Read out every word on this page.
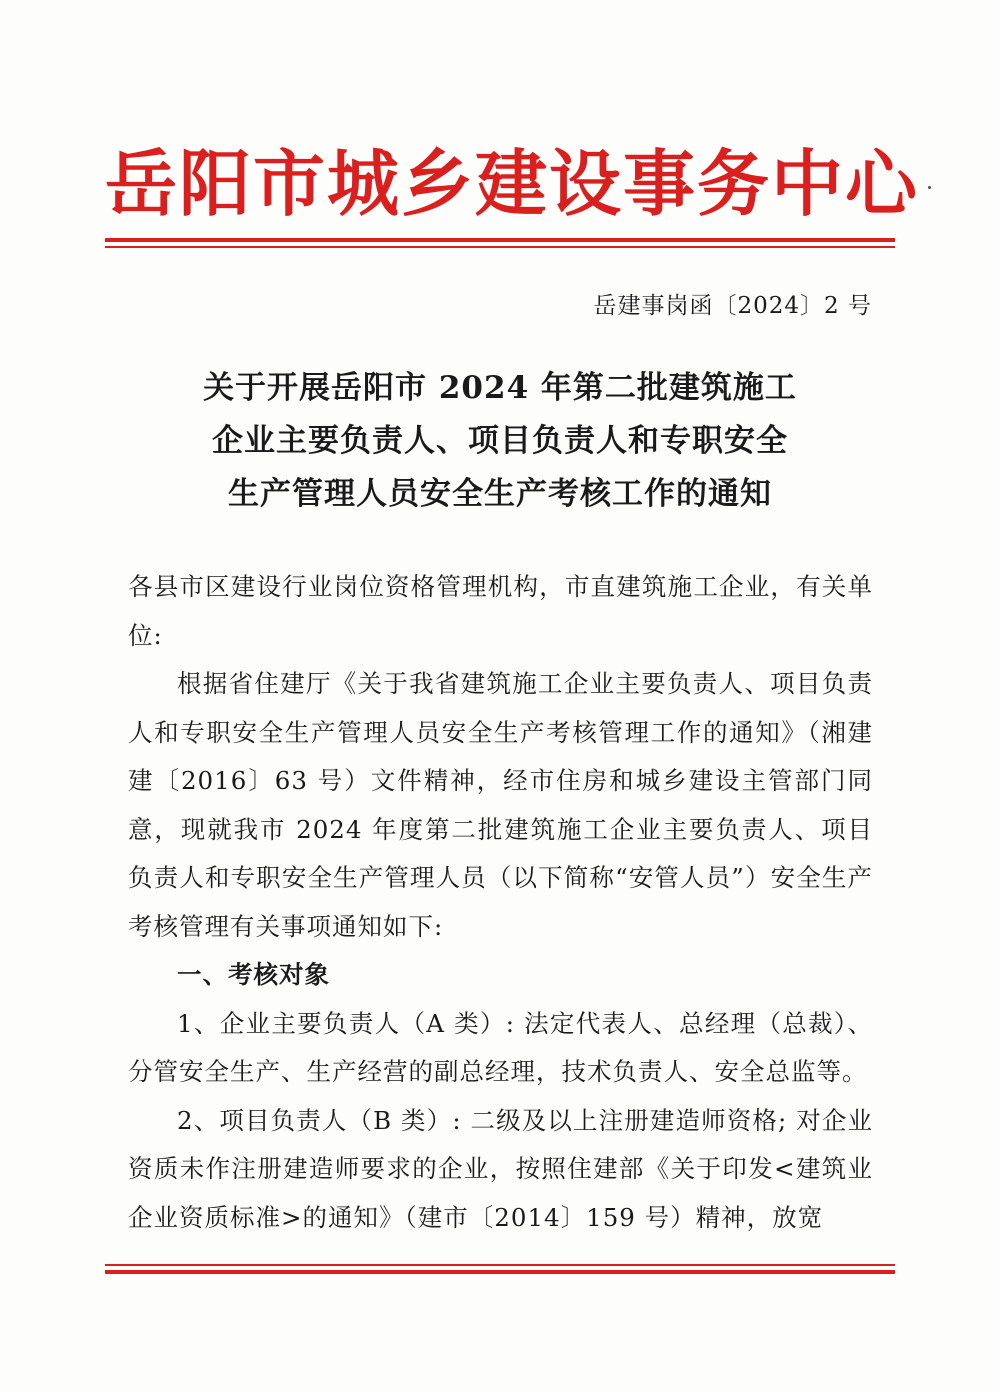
岳阳市城乡建设事务中心
岳建事岗函〔2024〕2 号
关于开展岳阳市 2024 年第二批建筑施工
企业主要负责人、项目负责人和专职安全
生产管理人员安全生产考核工作的通知

各县市区建设行业岗位资格管理机构，市直建筑施工企业，有关单位:

根据省住建厅《关于我省建筑施工企业主要负责人、项目负责人和专职安全生产管理人员安全生产考核管理工作的通知》（湘建建〔2016〕63 号）文件精神，经市住房和城乡建设主管部门同意，现就我市 2024 年度第二批建筑施工企业主要负责人、项目负责人和专职安全生产管理人员（以下简称“安管人员”）安全生产考核管理有关事项通知如下:

一、考核对象

1、企业主要负责人（A 类）: 法定代表人、总经理（总裁）、分管安全生产、生产经营的副总经理，技术负责人、安全总监等。

2、项目负责人（B 类）: 二级及以上注册建造师资格; 对企业资质未作注册建造师要求的企业，按照住建部《关于印发<建筑业企业资质标准>的通知》（建市〔2014〕159 号）精神，放宽
